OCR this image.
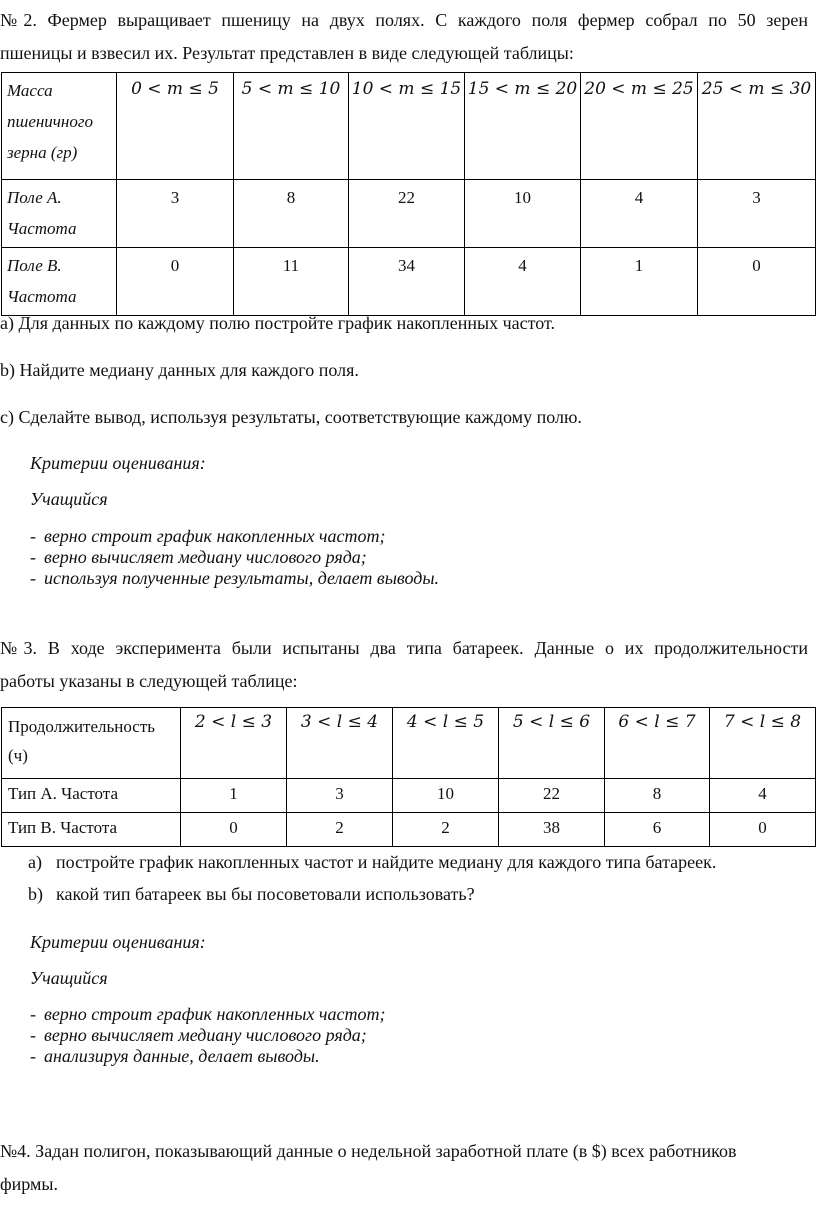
№2. Фермер выращивает пшеницу на двух полях. С каждого поля фермер собрал по 50 зерен
пшеницы и взвесил их. Результат представлен в виде следующей таблицы:
Масса пшеничного зерна (гр)	0 < m ≤ 5	5 < m ≤ 10	10 < m ≤ 15	15 < m ≤ 20	20 < m ≤ 25	25 < m ≤ 30
Поле А. Частота	3	8	22	10	4	3
Поле В. Частота	0	11	34	4	1	0
a) Для данных по каждому полю постройте график накопленных частот.
b) Найдите медиану данных для каждого поля.
c) Сделайте вывод, используя результаты, соответствующие каждому полю.
Критерии оценивания:
Учащийся
- верно строит график накопленных частот;
- верно вычисляет медиану числового ряда;
- используя полученные результаты, делает выводы.
№3. В ходе эксперимента были испытаны два типа батареек. Данные о их продолжительности
работы указаны в следующей таблице:
Продолжительность (ч)	2 < l ≤ 3	3 < l ≤ 4	4 < l ≤ 5	5 < l ≤ 6	6 < l ≤ 7	7 < l ≤ 8
Тип А. Частота	1	3	10	22	8	4
Тип В. Частота	0	2	2	38	6	0
a) постройте график накопленных частот и найдите медиану для каждого типа батареек.
b) какой тип батареек вы бы посоветовали использовать?
Критерии оценивания:
Учащийся
- верно строит график накопленных частот;
- верно вычисляет медиану числового ряда;
- анализируя данные, делает выводы.
№4. Задан полигон, показывающий данные о недельной заработной плате (в $) всех работников
фирмы.
